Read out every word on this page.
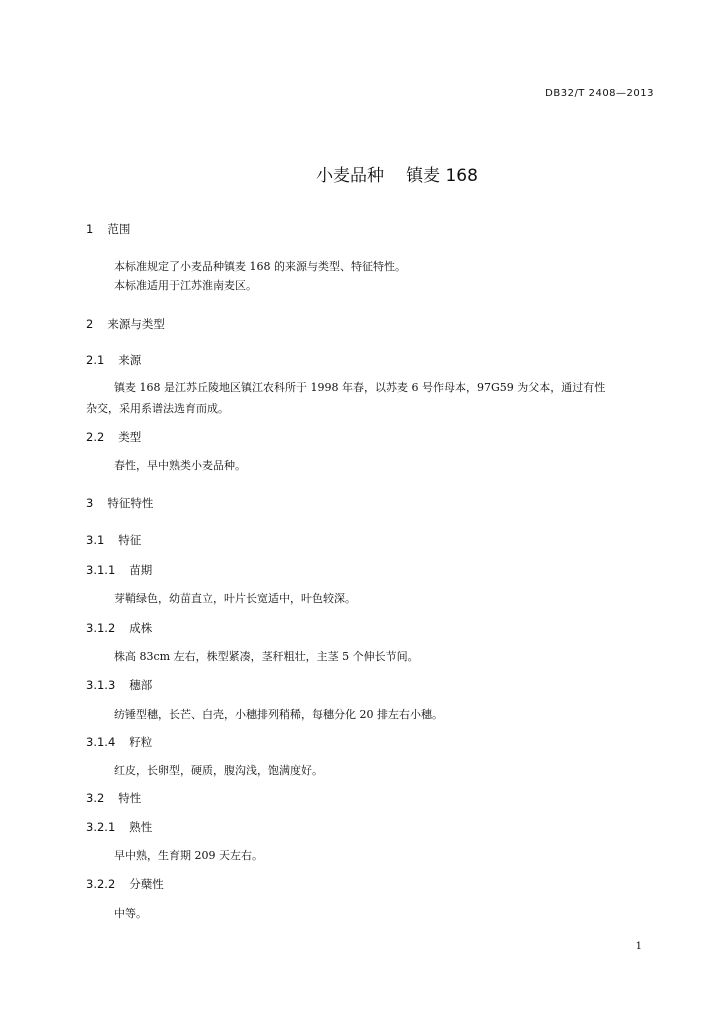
DB32/T 2408—2013
小麦品种 镇麦 168
1 范围
本标准规定了小麦品种镇麦 168 的来源与类型、特征特性。
本标准适用于江苏淮南麦区。
2 来源与类型
2.1 来源
镇麦 168 是江苏丘陵地区镇江农科所于 1998 年春，以苏麦 6 号作母本，97G59 为父本，通过有性
杂交，采用系谱法选育而成。
2.2 类型
春性，早中熟类小麦品种。
3 特征特性
3.1 特征
3.1.1 苗期
芽鞘绿色，幼苗直立，叶片长宽适中，叶色较深。
3.1.2 成株
株高 83cm 左右，株型紧凑，茎秆粗壮，主茎 5 个伸长节间。
3.1.3 穗部
纺锤型穗，长芒、白壳，小穗排列稍稀，每穗分化 20 排左右小穗。
3.1.4 籽粒
红皮，长卵型，硬质，腹沟浅，饱满度好。
3.2 特性
3.2.1 熟性
早中熟，生育期 209 天左右。
3.2.2 分蘖性
中等。
1
